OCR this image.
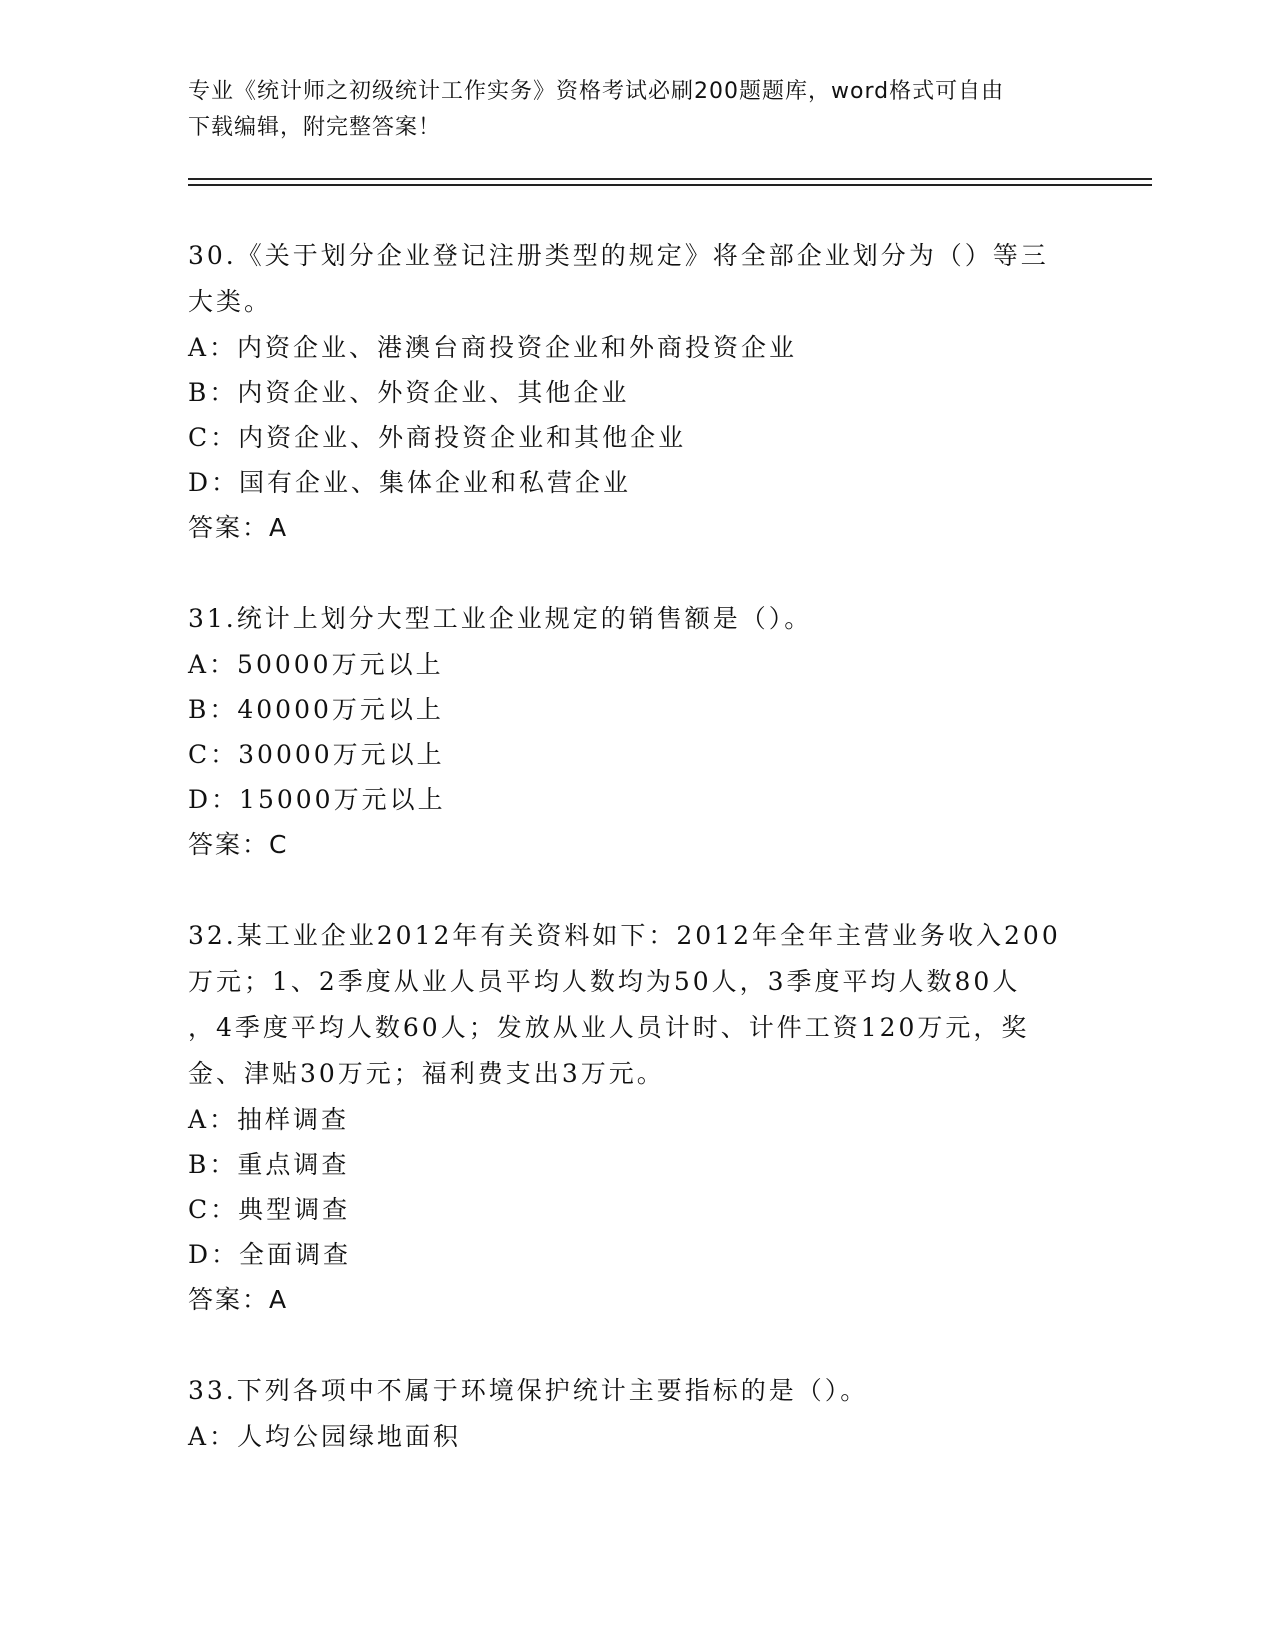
专业《统计师之初级统计工作实务》资格考试必刷200题题库，word格式可自由
下载编辑，附完整答案！
30.《关于划分企业登记注册类型的规定》将全部企业划分为（）等三
大类。
A：内资企业、港澳台商投资企业和外商投资企业
B：内资企业、外资企业、其他企业
C：内资企业、外商投资企业和其他企业
D：国有企业、集体企业和私营企业
答案：A
31.统计上划分大型工业企业规定的销售额是（）。
A：50000万元以上
B：40000万元以上
C：30000万元以上
D：15000万元以上
答案：C
32.某工业企业2012年有关资料如下：2012年全年主营业务收入200
万元；1、2季度从业人员平均人数均为50人，3季度平均人数80人
，4季度平均人数60人；发放从业人员计时、计件工资120万元，奖
金、津贴30万元；福利费支出3万元。
A：抽样调查
B：重点调查
C：典型调查
D：全面调查
答案：A
33.下列各项中不属于环境保护统计主要指标的是（）。
A：人均公园绿地面积
